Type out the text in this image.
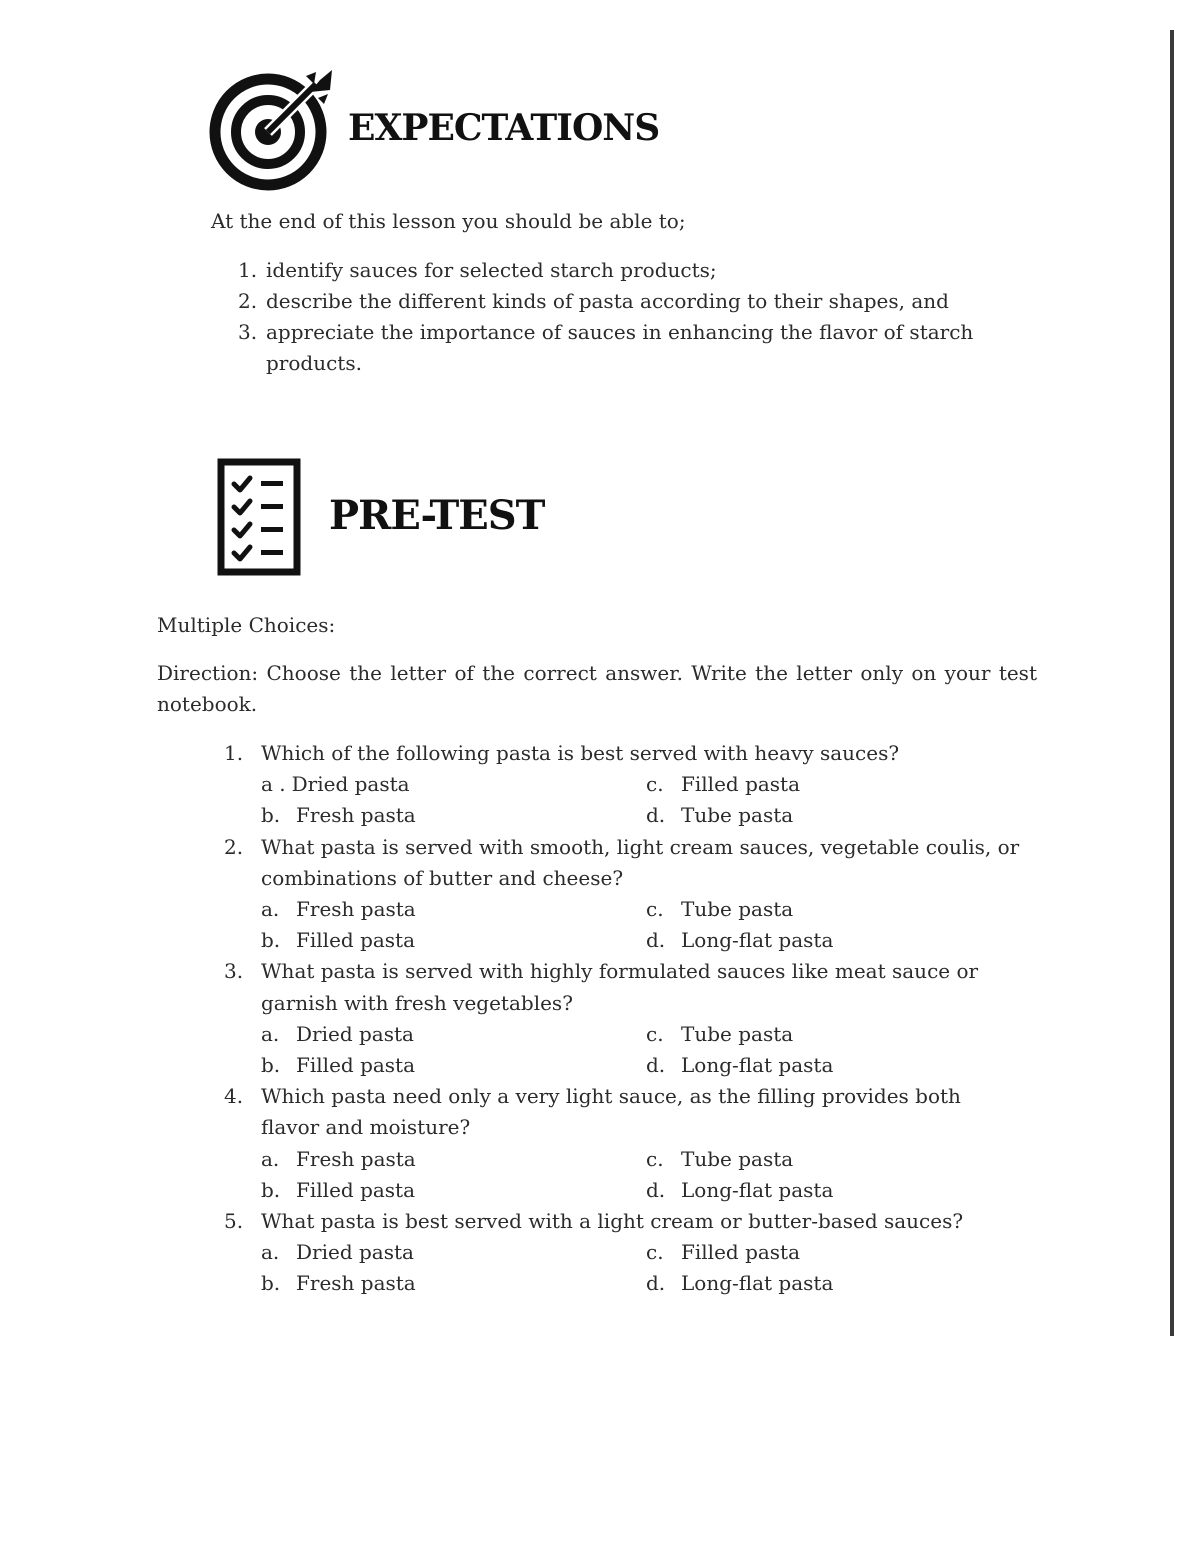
EXPECTATIONS
At the end of this lesson you should be able to;
1. identify sauces for selected starch products;
2. describe the different kinds of pasta according to their shapes, and
3. appreciate the importance of sauces in enhancing the flavor of starch products.
PRE-TEST
Multiple Choices:
Direction: Choose the letter of the correct answer. Write the letter only on your test notebook.
1. Which of the following pasta is best served with heavy sauces?
a . Dried pasta	c. Filled pasta
b. Fresh pasta	d. Tube pasta
2. What pasta is served with smooth, light cream sauces, vegetable coulis, or combinations of butter and cheese?
a. Fresh pasta	c. Tube pasta
b. Filled pasta	d. Long-flat pasta
3. What pasta is served with highly formulated sauces like meat sauce or garnish with fresh vegetables?
a. Dried pasta	c. Tube pasta
b. Filled pasta	d. Long-flat pasta
4. Which pasta need only a very light sauce, as the filling provides both flavor and moisture?
a. Fresh pasta	c. Tube pasta
b. Filled pasta	d. Long-flat pasta
5. What pasta is best served with a light cream or butter-based sauces?
a. Dried pasta	c. Filled pasta
b. Fresh pasta	d. Long-flat pasta
